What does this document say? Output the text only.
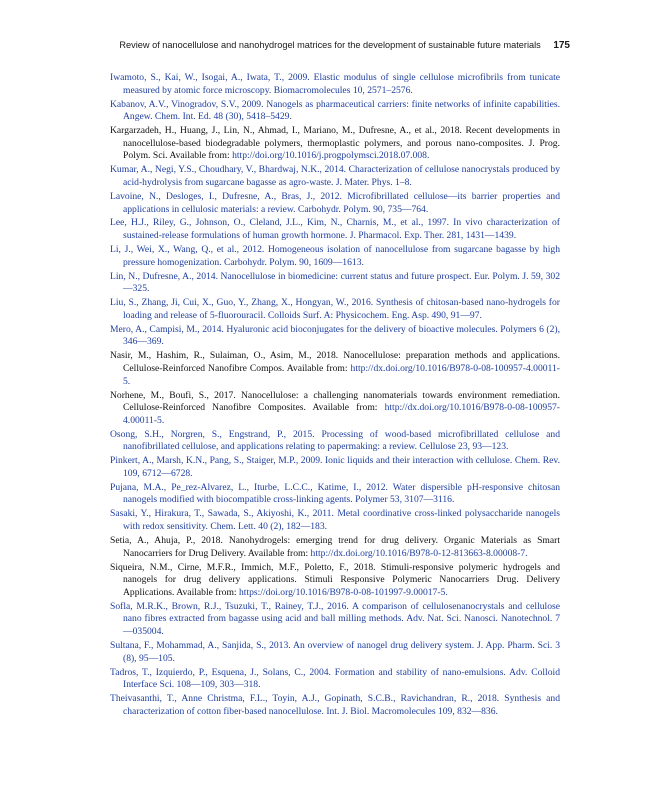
Review of nanocellulose and nanohydrogel matrices for the development of sustainable future materials 175

Iwamoto, S., Kai, W., Isogai, A., Iwata, T., 2009. Elastic modulus of single cellulose microfibrils from tunicate measured by atomic force microscopy. Biomacromolecules 10, 2571–2576.

Kabanov, A.V., Vinogradov, S.V., 2009. Nanogels as pharmaceutical carriers: finite networks of infinite capabilities. Angew. Chem. Int. Ed. 48 (30), 5418–5429.

Kargarzadeh, H., Huang, J., Lin, N., Ahmad, I., Mariano, M., Dufresne, A., et al., 2018. Recent developments in nanocellulose-based biodegradable polymers, thermoplastic polymers, and porous nano-composites. J. Prog. Polym. Sci. Available from: http://doi.org/10.1016/j.progpolymsci.2018.07.008.

Kumar, A., Negi, Y.S., Choudhary, V., Bhardwaj, N.K., 2014. Characterization of cellulose nanocrystals produced by acid-hydrolysis from sugarcane bagasse as agro-waste. J. Mater. Phys. 1–8.

Lavoine, N., Desloges, I., Dufresne, A., Bras, J., 2012. Microfibrillated cellulose—its barrier properties and applications in cellulosic materials: a review. Carbohydr. Polym. 90, 735—764.

Lee, H.J., Riley, G., Johnson, O., Cleland, J.L., Kim, N., Charnis, M., et al., 1997. In vivo characterization of sustained-release formulations of human growth hormone. J. Pharmacol. Exp. Ther. 281, 1431—1439.

Li, J., Wei, X., Wang, Q., et al., 2012. Homogeneous isolation of nanocellulose from sugarcane bagasse by high pressure homogenization. Carbohydr. Polym. 90, 1609—1613.

Lin, N., Dufresne, A., 2014. Nanocellulose in biomedicine: current status and future prospect. Eur. Polym. J. 59, 302—325.

Liu, S., Zhang, Ji, Cui, X., Guo, Y., Zhang, X., Hongyan, W., 2016. Synthesis of chitosan-based nano-hydrogels for loading and release of 5-fluorouracil. Colloids Surf. A: Physicochem. Eng. Asp. 490, 91—97.

Mero, A., Campisi, M., 2014. Hyaluronic acid bioconjugates for the delivery of bioactive molecules. Polymers 6 (2), 346—369.

Nasir, M., Hashim, R., Sulaiman, O., Asim, M., 2018. Nanocellulose: preparation methods and applications. Cellulose-Reinforced Nanofibre Compos. Available from: http://dx.doi.org/10.1016/B978-0-08-100957-4.00011-5.

Norhene, M., Boufi, S., 2017. Nanocellulose: a challenging nanomaterials towards environment remediation. Cellulose-Reinforced Nanofibre Composites. Available from: http://dx.doi.org/10.1016/B978-0-08-100957-4.00011-5.

Osong, S.H., Norgren, S., Engstrand, P., 2015. Processing of wood-based microfibrillated cellulose and nanofibrillated cellulose, and applications relating to papermaking: a review. Cellulose 23, 93—123.

Pinkert, A., Marsh, K.N., Pang, S., Staiger, M.P., 2009. Ionic liquids and their interaction with cellulose. Chem. Rev. 109, 6712—6728.

Pujana, M.A., Pe_rez-Alvarez, L., Iturbe, L.C.C., Katime, I., 2012. Water dispersible pH-responsive chitosan nanogels modified with biocompatible cross-linking agents. Polymer 53, 3107—3116.

Sasaki, Y., Hirakura, T., Sawada, S., Akiyoshi, K., 2011. Metal coordinative cross-linked polysaccharide nanogels with redox sensitivity. Chem. Lett. 40 (2), 182—183.

Setia, A., Ahuja, P., 2018. Nanohydrogels: emerging trend for drug delivery. Organic Materials as Smart Nanocarriers for Drug Delivery. Available from: http://dx.doi.org/10.1016/B978-0-12-813663-8.00008-7.

Siqueira, N.M., Cirne, M.F.R., Immich, M.F., Poletto, F., 2018. Stimuli-responsive polymeric hydrogels and nanogels for drug delivery applications. Stimuli Responsive Polymeric Nanocarriers Drug. Delivery Applications. Available from: https://doi.org/10.1016/B978-0-08-101997-9.00017-5.

Sofla, M.R.K., Brown, R.J., Tsuzuki, T., Rainey, T.J., 2016. A comparison of cellulosenanocrystals and cellulose nano fibres extracted from bagasse using acid and ball milling methods. Adv. Nat. Sci. Nanosci. Nanotechnol. 7—035004.

Sultana, F., Mohammad, A., Sanjida, S., 2013. An overview of nanogel drug delivery system. J. App. Pharm. Sci. 3 (8), 95—105.

Tadros, T., Izquierdo, P., Esquena, J., Solans, C., 2004. Formation and stability of nano-emulsions. Adv. Colloid Interface Sci. 108—109, 303—318.

Theivasanthi, T., Anne Christma, F.L., Toyin, A.J., Gopinath, S.C.B., Ravichandran, R., 2018. Synthesis and characterization of cotton fiber-based nanocellulose. Int. J. Biol. Macromolecules 109, 832—836.
